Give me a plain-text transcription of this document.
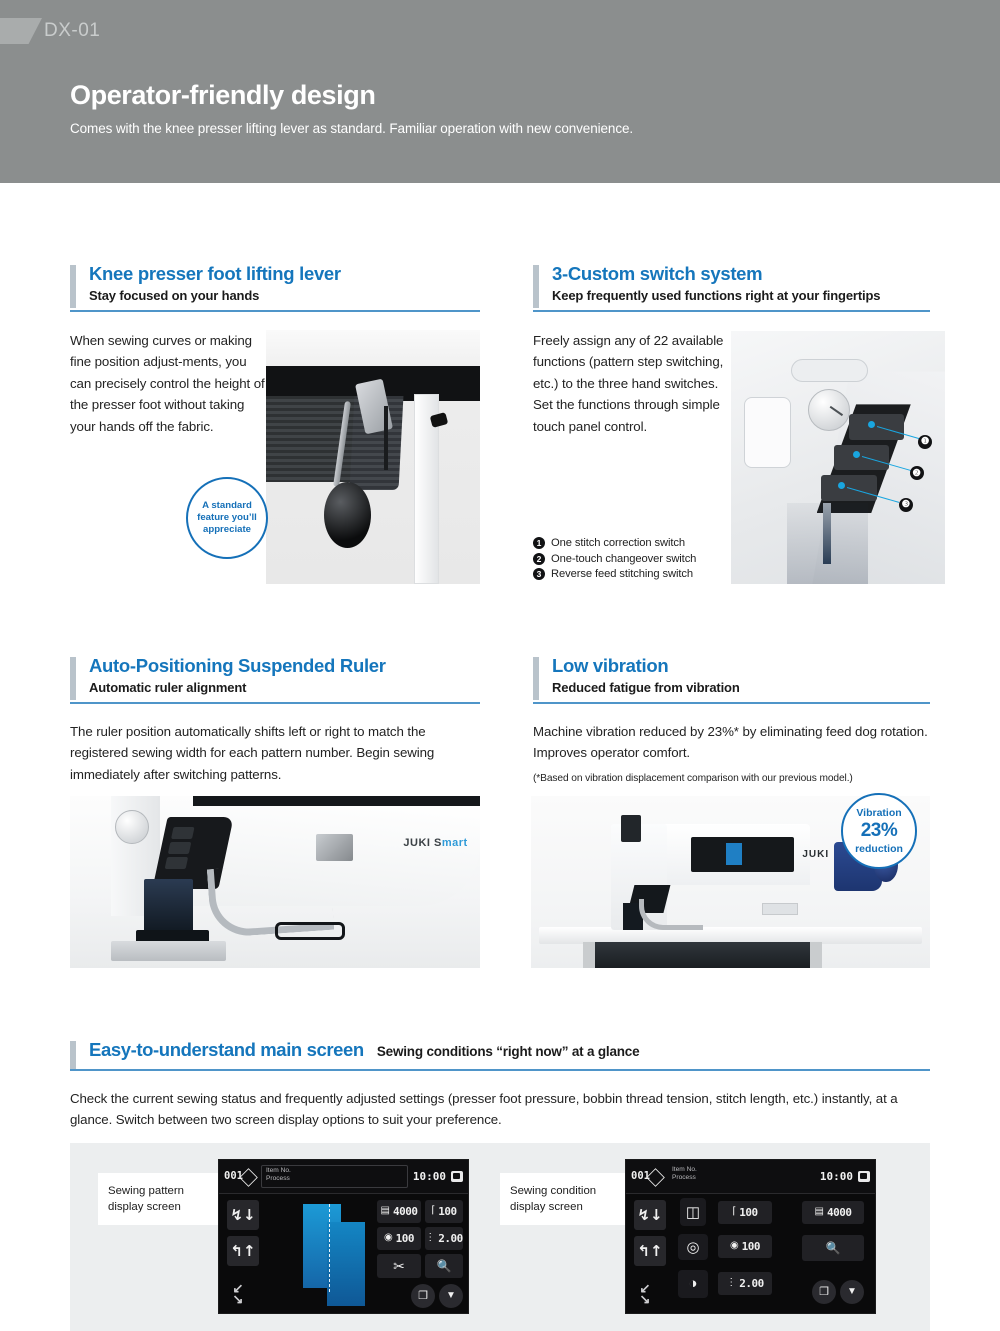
DX-01
Operator-friendly design
Comes with the knee presser lifting lever as standard. Familiar operation with new convenience.
Knee presser foot lifting lever
Stay focused on your hands
When sewing curves or making fine position adjust-ments, you can precisely control the height of the presser foot without taking your hands off the fabric.
A standard
feature you’ll
appreciate
3-Custom switch system
Keep frequently used functions right at your fingertips
Freely assign any of 22 available functions (pattern step switching, etc.) to the three hand switches. Set the functions through simple touch panel control.
❶
❷
❸
1 One stitch correction switch
2 One-touch changeover switch
3 Reverse feed stitching switch
Auto-Positioning Suspended Ruler
Automatic ruler alignment
The ruler position automatically shifts left or right to match the registered sewing width for each pattern number. Begin sewing immediately after switching patterns.
JUKI Smart
Low vibration
Reduced fatigue from vibration
Machine vibration reduced by 23%* by eliminating feed dog rotation. Improves operator comfort.
(*Based on vibration displacement comparison with our previous model.)
JUKI
Vibration
23%
reduction
Easy-to-understand main screen Sewing conditions “right now” at a glance
Check the current sewing status and frequently adjusted settings (presser foot pressure, bobbin thread tension, stitch length, etc.) instantly, at a glance. Switch between two screen display options to suit your preference.
Sewing pattern
display screen
001
Item No.
Process	10:00
↯↓
↰↑
↘↗
▤ 4000 ⌈ 100
◉ 100 ⋮ 2.00
✂	🔍
❐ ▼
Sewing condition
display screen
001
Item No.
Process	10:00
↯↓
↰↑
↘↗
◫	⌈ 100	▤ 4000
◎	◉ 100	🔍
◑	⋮ 2.00
❐ ▼
